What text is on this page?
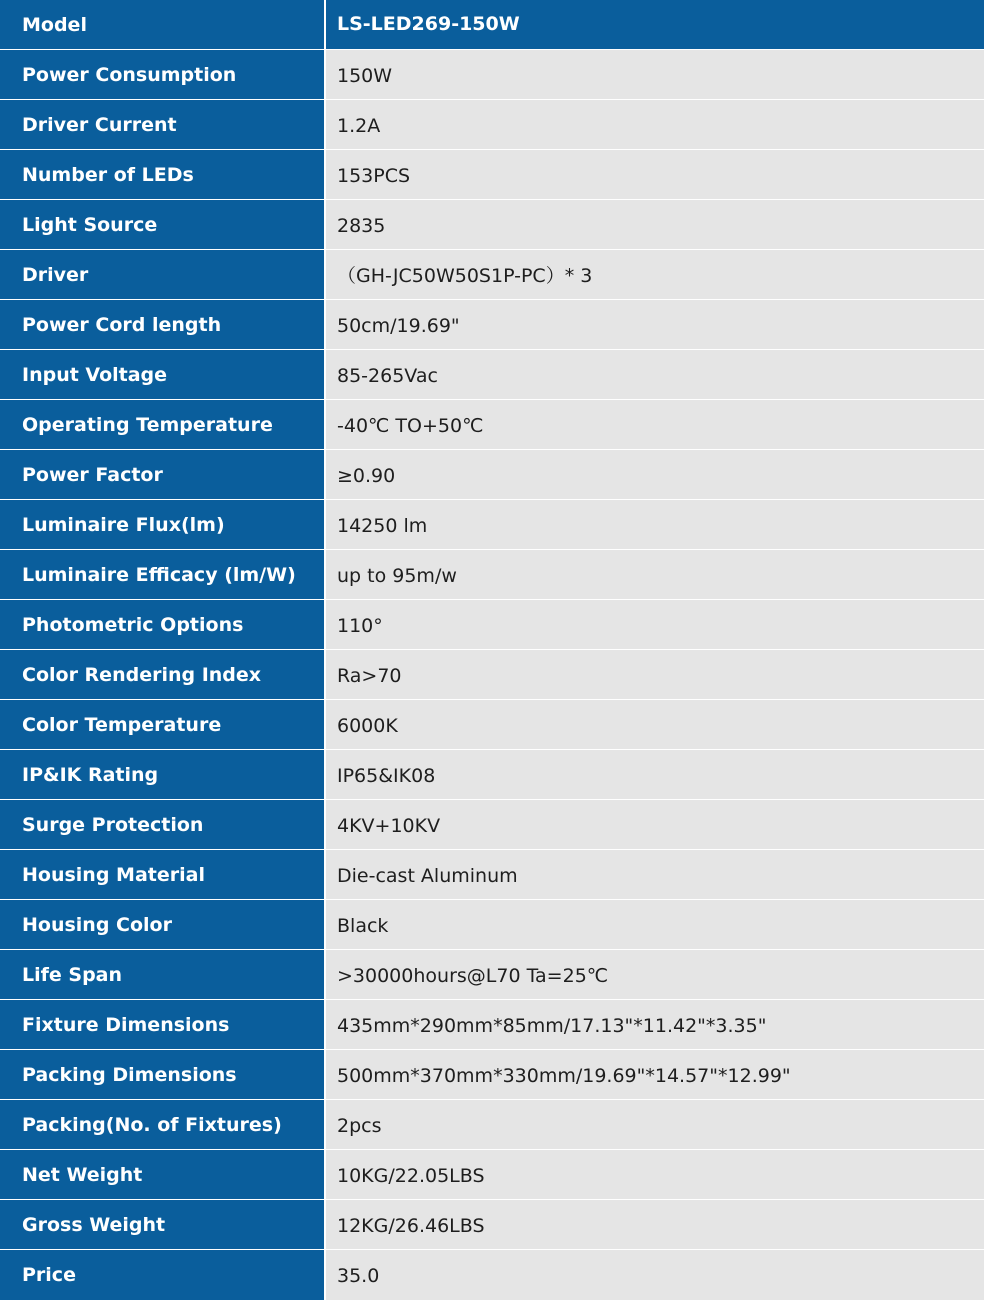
Model	LS-LED269-150W
Power Consumption	150W
Driver Current	1.2A
Number of LEDs	153PCS
Light Source	2835
Driver	（GH-JC50W50S1P-PC）* 3
Power Cord length	50cm/19.69"
Input Voltage	85-265Vac
Operating Temperature	-40℃ TO+50℃
Power Factor	≥0.90
Luminaire Flux(lm)	14250 lm
Luminaire Efficacy (lm/W)	up to 95m/w
Photometric Options	110°
Color Rendering Index	Ra>70
Color Temperature	6000K
IP&IK Rating	IP65&IK08
Surge Protection	4KV+10KV
Housing Material	Die-cast Aluminum
Housing Color	Black
Life Span	>30000hours@L70 Ta=25℃
Fixture Dimensions	435mm*290mm*85mm/17.13"*11.42"*3.35"
Packing Dimensions	500mm*370mm*330mm/19.69"*14.57"*12.99"
Packing(No. of Fixtures)	2pcs
Net Weight	10KG/22.05LBS
Gross Weight	12KG/26.46LBS
Price	35.0
